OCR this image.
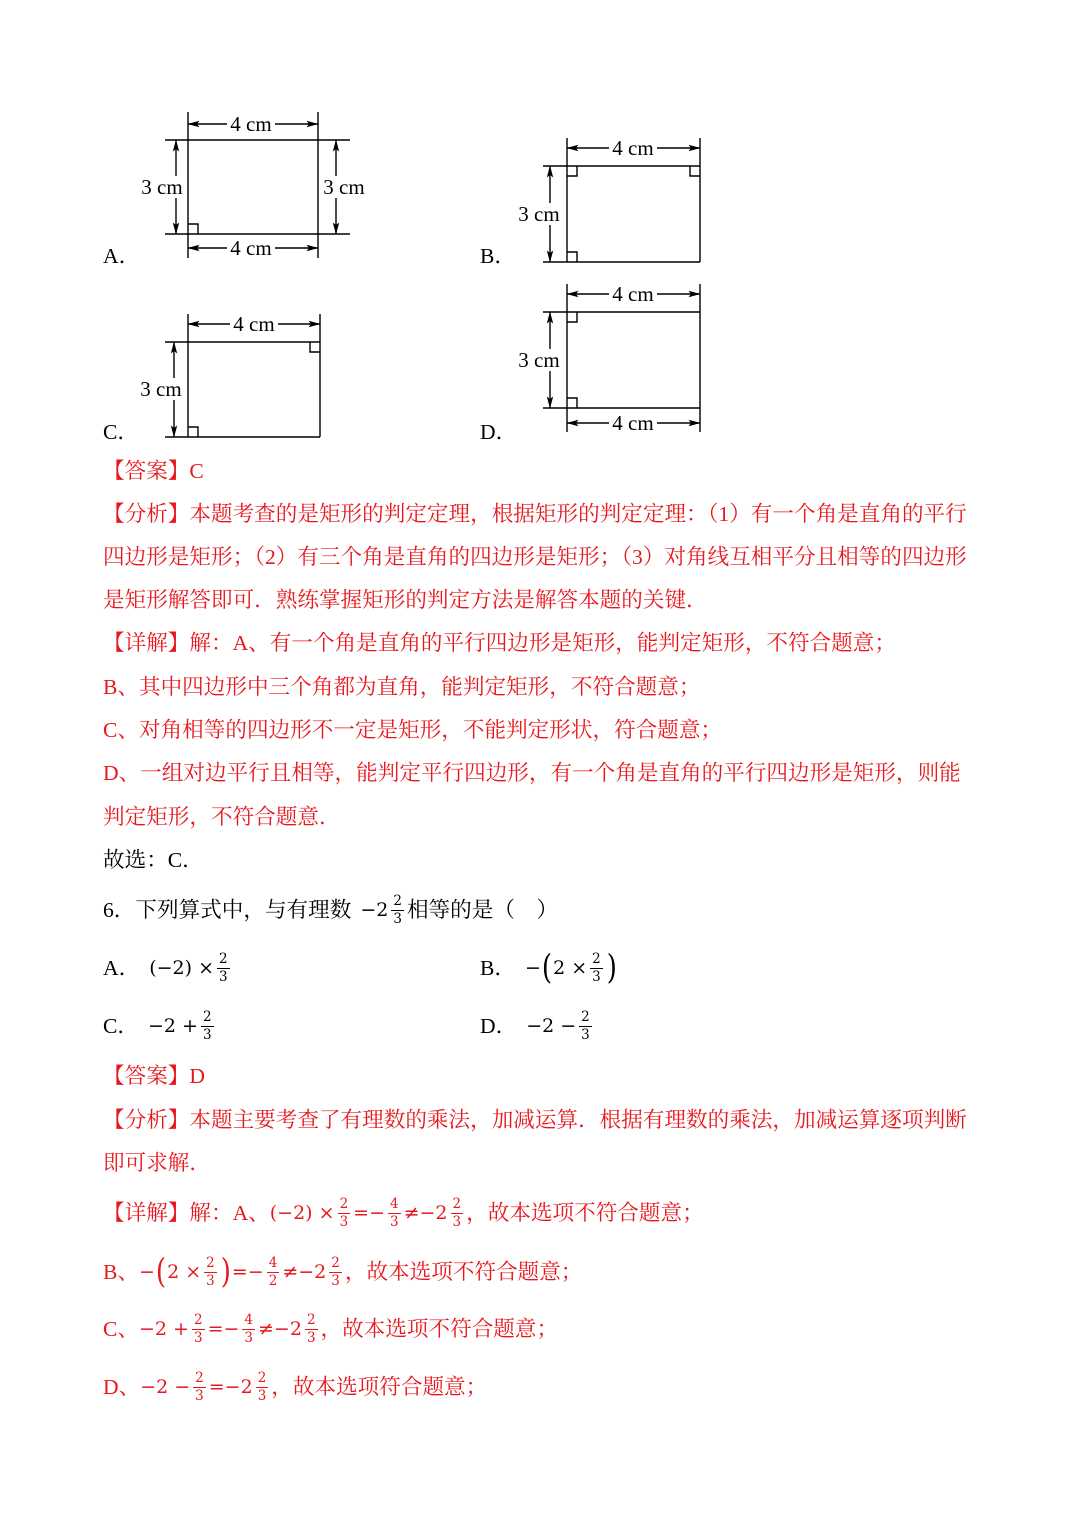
4 cm
4 cm
3 cm	3 cm
4 cm
3 cm
4 cm
3 cm
4 cm
4 cm
3 cm
A．	B．
C．	D．
【答案】C
【分析】本题考查的是矩形的判定定理，根据矩形的判定定理：（1）有一个角是直角的平行
四边形是矩形；（2）有三个角是直角的四边形是矩形；（3）对角线互相平分且相等的四边形
是矩形解答即可．熟练掌握矩形的判定方法是解答本题的关键．
【详解】解：A、有一个角是直角的平行四边形是矩形，能判定矩形，不符合题意；
B、其中四边形中三个角都为直角，能判定矩形，不符合题意；
C、对角相等的四边形不一定是矩形，不能判定形状，符合题意；
D、一组对边平行且相等，能判定平行四边形，有一个角是直角的平行四边形是矩形，则能
判定矩形，不符合题意．
故选：C．
6．下列算式中，与有理数 $-2 \frac{2}{3}$ 相等的是（　）
A． $(-2) \times \frac{2}{3}$	B． − ( $2 \times \frac{2}{3}$ )
C． $-2 + \frac{2}{3}$	D． $-2 - \frac{2}{3}$
【答案】D
【分析】本题主要考查了有理数的乘法，加减运算．根据有理数的乘法，加减运算逐项判断
即可求解．
【详解】解：A、 $(-2) \times \frac{2}{3} =- \frac{4}{3} \ne-2 \frac{2}{3}$ ，故本选项不符合题意；
B、 − ( $2 \times \frac{2}{3}$ ) =− $\frac{4}{2} \ne-2 \frac{2}{3}$ ，故本选项不符合题意；
C、 $-2 + \frac{2}{3} =- \frac{4}{3} \ne-2 \frac{2}{3}$ ，故本选项不符合题意；
D、 $-2 - \frac{2}{3} =-2 \frac{2}{3}$ ，故本选项符合题意；
